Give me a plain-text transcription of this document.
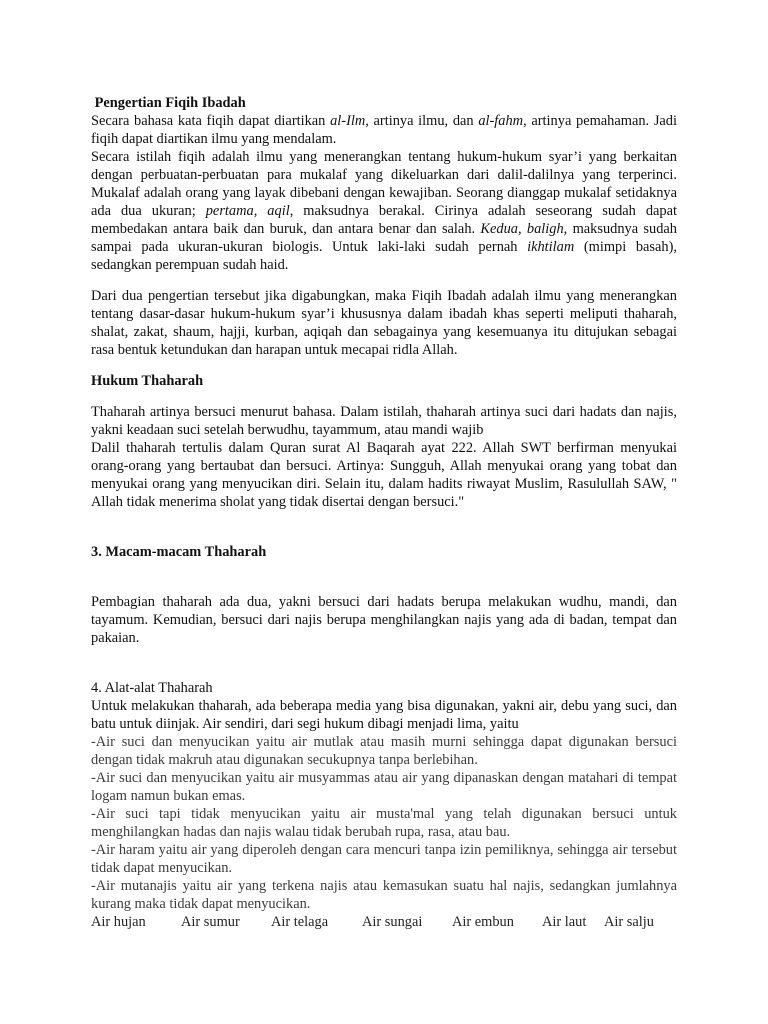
Pengertian Fiqih Ibadah

Secara bahasa kata fiqih dapat diartikan al-Ilm, artinya ilmu, dan al-fahm, artinya pemahaman. Jadi fiqih dapat diartikan ilmu yang mendalam.

Secara istilah fiqih adalah ilmu yang menerangkan tentang hukum-hukum syar’i yang berkaitan dengan perbuatan-perbuatan para mukalaf yang dikeluarkan dari dalil-dalilnya yang terperinci. Mukalaf adalah orang yang layak dibebani dengan kewajiban. Seorang dianggap mukalaf setidaknya ada dua ukuran; pertama, aqil, maksudnya berakal. Cirinya adalah seseorang sudah dapat membedakan antara baik dan buruk, dan antara benar dan salah. Kedua, baligh, maksudnya sudah sampai pada ukuran-ukuran biologis. Untuk laki-laki sudah pernah ikhtilam (mimpi basah), sedangkan perempuan sudah haid.

Dari dua pengertian tersebut jika digabungkan, maka Fiqih Ibadah adalah ilmu yang menerangkan tentang dasar-dasar hukum-hukum syar’i khususnya dalam ibadah khas seperti meliputi thaharah, shalat, zakat, shaum, hajji, kurban, aqiqah dan sebagainya yang kesemuanya itu ditujukan sebagai rasa bentuk ketundukan dan harapan untuk mecapai ridla Allah.

Hukum Thaharah

Thaharah artinya bersuci menurut bahasa. Dalam istilah, thaharah artinya suci dari hadats dan najis, yakni keadaan suci setelah berwudhu, tayammum, atau mandi wajib

Dalil thaharah tertulis dalam Quran surat Al Baqarah ayat 222. Allah SWT berfirman menyukai orang-orang yang bertaubat dan bersuci. Artinya: Sungguh, Allah menyukai orang yang tobat dan menyukai orang yang menyucikan diri. Selain itu, dalam hadits riwayat Muslim, Rasulullah SAW, " Allah tidak menerima sholat yang tidak disertai dengan bersuci."

3. Macam-macam Thaharah

Pembagian thaharah ada dua, yakni bersuci dari hadats berupa melakukan wudhu, mandi, dan tayamum. Kemudian, bersuci dari najis berupa menghilangkan najis yang ada di badan, tempat dan pakaian.

4. Alat-alat Thaharah

Untuk melakukan thaharah, ada beberapa media yang bisa digunakan, yakni air, debu yang suci, dan batu untuk diinjak. Air sendiri, dari segi hukum dibagi menjadi lima, yaitu

-Air suci dan menyucikan yaitu air mutlak atau masih murni sehingga dapat digunakan bersuci dengan tidak makruh atau digunakan secukupnya tanpa berlebihan.

-Air suci dan menyucikan yaitu air musyammas atau air yang dipanaskan dengan matahari di tempat logam namun bukan emas.

-Air suci tapi tidak menyucikan yaitu air musta'mal yang telah digunakan bersuci untuk menghilangkan hadas dan najis walau tidak berubah rupa, rasa, atau bau.

-Air haram yaitu air yang diperoleh dengan cara mencuri tanpa izin pemiliknya, sehingga air tersebut tidak dapat menyucikan.

-Air mutanajis yaitu air yang terkena najis atau kemasukan suatu hal najis, sedangkan jumlahnya kurang maka tidak dapat menyucikan.

Air hujan Air sumur Air telaga Air sungai Air embun Air laut Air salju
